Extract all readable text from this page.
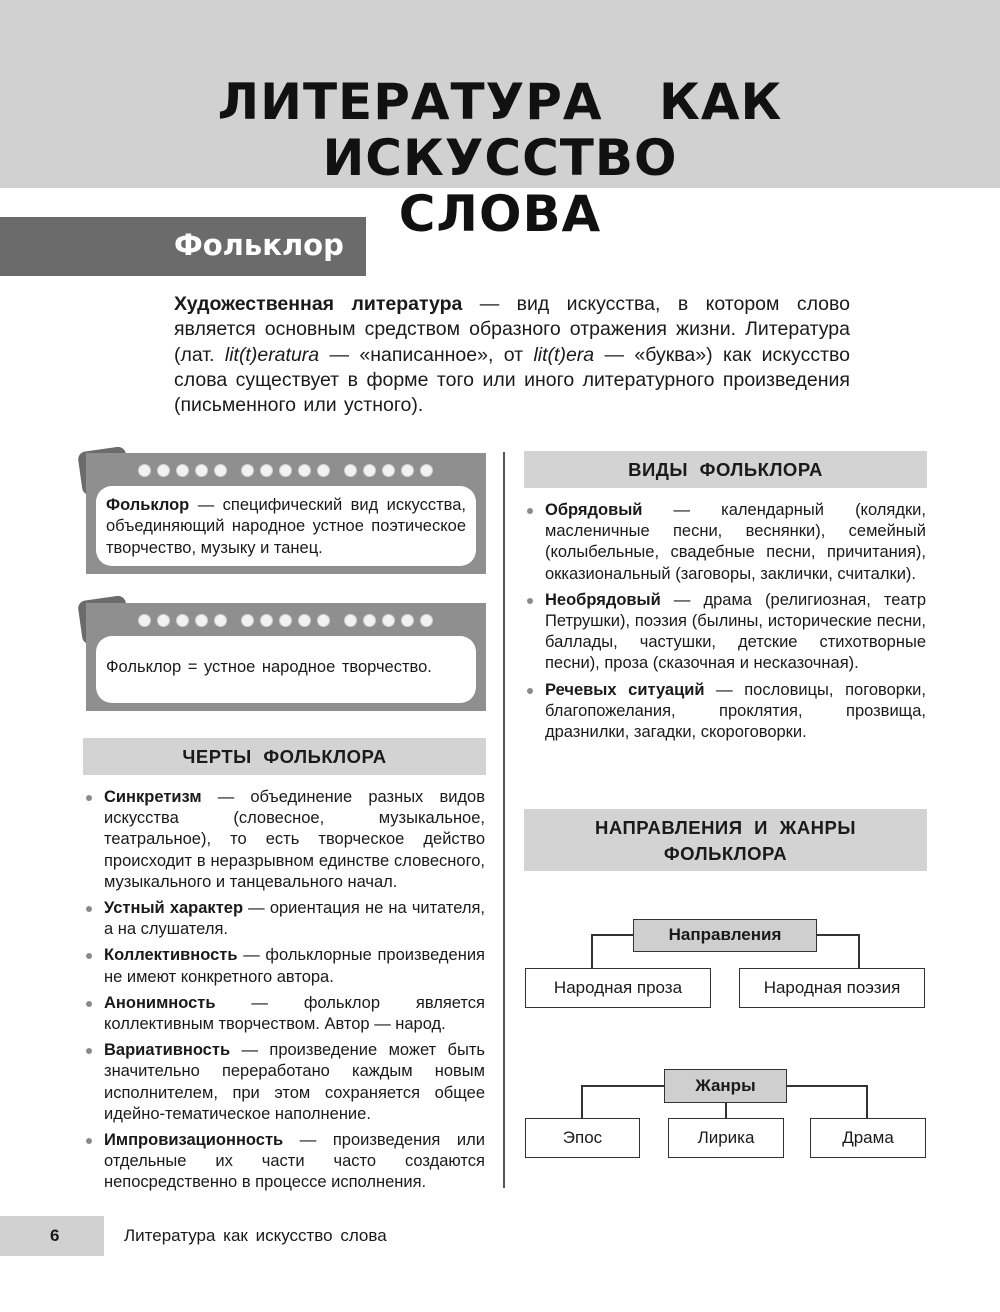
ЛИТЕРАТУРА КАК ИСКУССТВО
СЛОВА
Фольклор

Художественная литература — вид искусства, в котором слово является основным средством образного отражения жизни. Литература (лат. lit(t)eratura — «написанное», от lit(t)era — «буква») как искусство слова существует в форме того или иного литературного произведения (письменного или устного).

Фольклор — специфический вид искусства, объединяющий народное устное поэтическое творчество, музыку и танец.

Фольклор = устное народное творчество.

ЧЕРТЫ ФОЛЬКЛОРА
Синкретизм — объединение разных видов искусства (словесное, музыкальное, театральное), то есть творческое действо происходит в неразрывном единстве словесного, музыкального и танцевального начал.
Устный характер — ориентация не на читателя, а на слушателя.
Коллективность — фольклорные произведения не имеют конкретного автора.
Анонимность — фольклор является коллективным творчеством. Автор — народ.
Вариативность — произведение может быть значительно переработано каждым новым исполнителем, при этом сохраняется общее идейно-тематическое наполнение.
Импровизационность — произведения или отдельные их части часто создаются непосредственно в процессе исполнения.
ВИДЫ ФОЛЬКЛОРА
Обрядовый — календарный (колядки, масленичные песни, веснянки), семейный (колыбельные, свадебные песни, причитания), окказиональный (заговоры, заклички, считалки).
Необрядовый — драма (религиозная, театр Петрушки), поэзия (былины, исторические песни, баллады, частушки, детские стихотворные песни), проза (сказочная и несказочная).
Речевых ситуаций — пословицы, поговорки, благопожелания, проклятия, прозвища, дразнилки, загадки, скороговорки.
НАПРАВЛЕНИЯ И ЖАНРЫ ФОЛЬКЛОРА
Направления
Народная проза	Народная поэзия
Жанры
Эпос	Лирика	Драма
6	Литература как искусство слова
